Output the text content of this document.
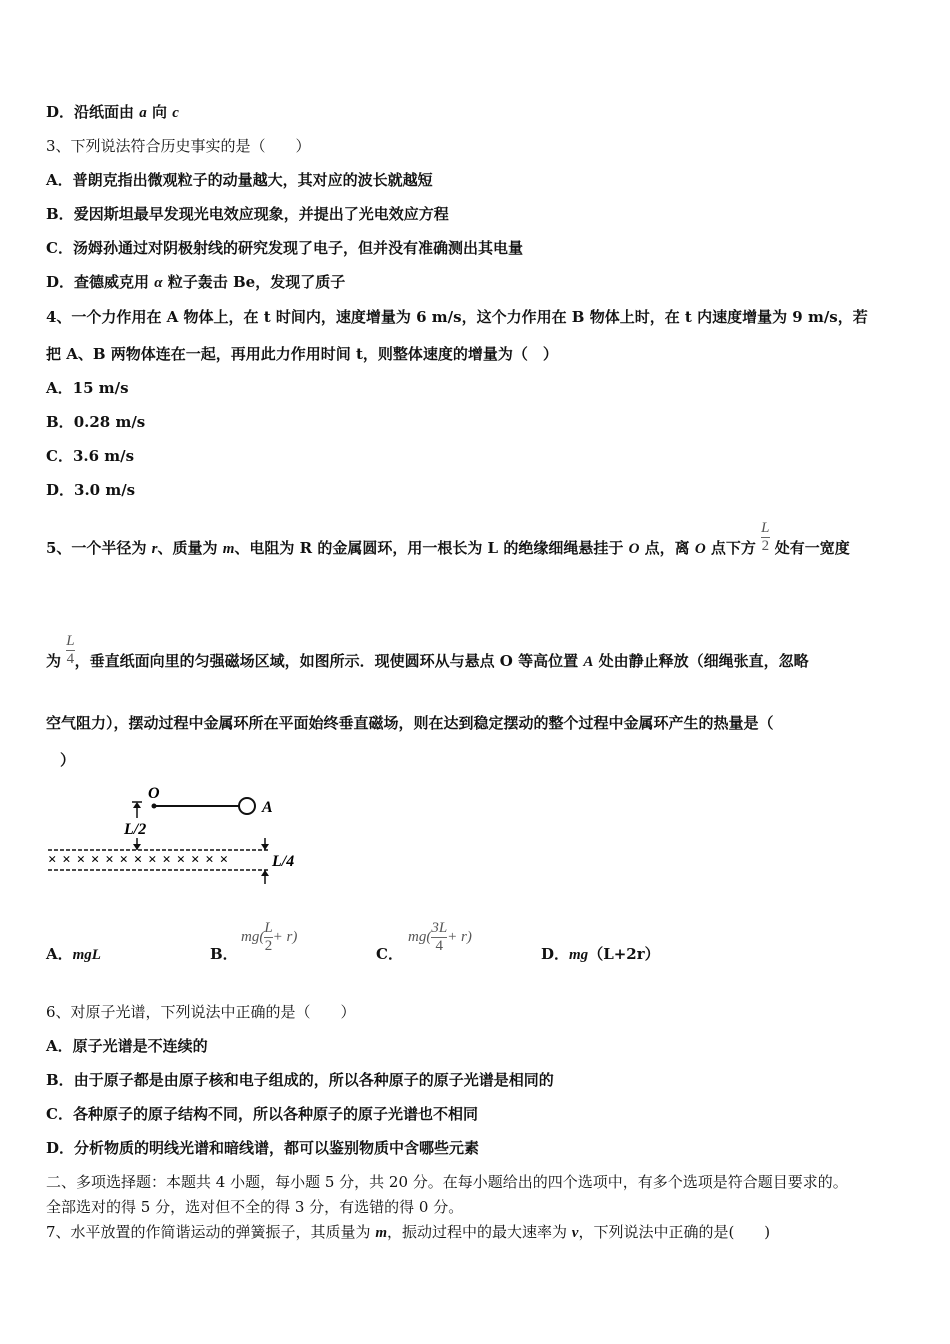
D．沿纸面由 a 向 c
3、下列说法符合历史事实的是（　　）
A．普朗克指出微观粒子的动量越大，其对应的波长就越短
B．爱因斯坦最早发现光电效应现象，并提出了光电效应方程
C．汤姆孙通过对阴极射线的研究发现了电子，但并没有准确测出其电量
D．查德威克用 α 粒子轰击 Be，发现了质子
4、一个力作用在 A 物体上，在 t 时间内，速度增量为 6 m/s，这个力作用在 B 物体上时，在 t 内速度增量为 9 m/s，若
把 A、B 两物体连在一起，再用此力作用时间 t，则整体速度的增量为（　）
A．15 m/s
B．0.28 m/s
C．3.6 m/s
D．3.0 m/s
5、一个半径为 r、质量为 m、电阻为 R 的金属圆环，用一根长为 L 的绝缘细绳悬挂于 O 点，离 O 点下方 $\frac{L}{2}$ 处有一宽度
为 $\frac{L}{4}$ ，垂直纸面向里的匀强磁场区域，如图所示．现使圆环从与悬点 O 等高位置 A 处由静止释放（细绳张直，忽略
空气阻力），摆动过程中金属环所在平面始终垂直磁场，则在达到稳定摆动的整个过程中金属环产生的热量是（
）
O
A
L/2
× × × × × × × × × × × × ×	L/4
A．mgL	B．
$mg( \frac{L}{2} + r)$
C．
$mg( \frac{3L}{4} + r)$
D．mg（L+2r）
6、对原子光谱，下列说法中正确的是（　　）
A．原子光谱是不连续的
B．由于原子都是由原子核和电子组成的，所以各种原子的原子光谱是相同的
C．各种原子的原子结构不同，所以各种原子的原子光谱也不相同
D．分析物质的明线光谱和暗线谱，都可以鉴别物质中含哪些元素
二、多项选择题：本题共 4 小题，每小题 5 分，共 20 分。在每小题给出的四个选项中，有多个选项是符合题目要求的。
全部选对的得 5 分，选对但不全的得 3 分，有选错的得 0 分。
7、水平放置的作简谐运动的弹簧振子，其质量为 m，振动过程中的最大速率为 v，下列说法中正确的是(　　)
